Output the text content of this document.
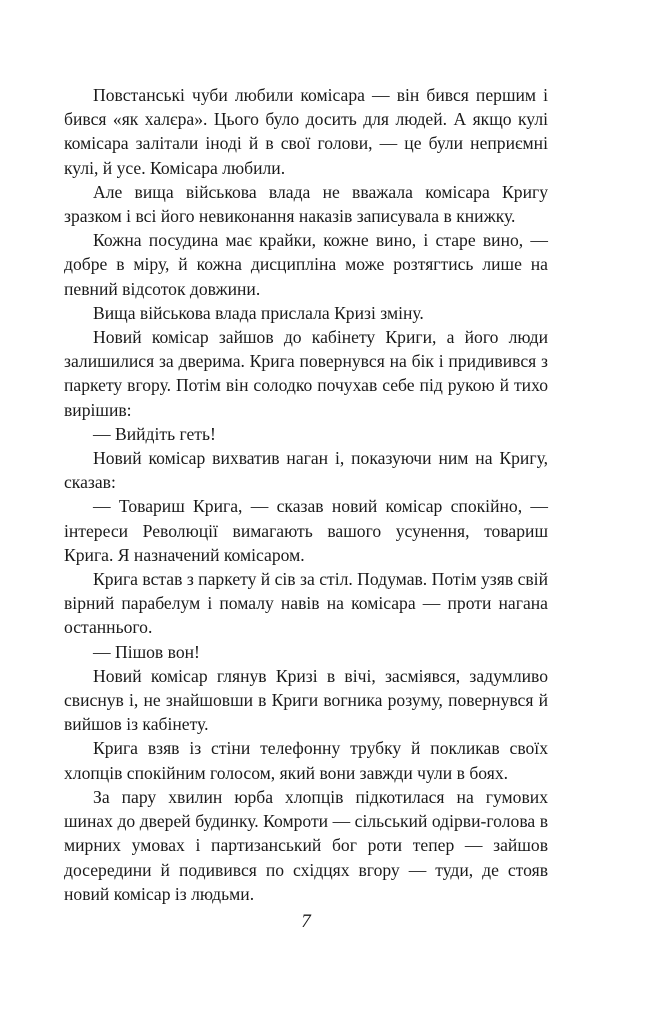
Повстанські чуби любили комісара — він бився першим і бився «як халєра». Цього було досить для людей. А якщо кулі комісара залітали іноді й в свої голови, — це були неприємні кулі, й усе. Комісара любили.

Але вища військова влада не вважала комісара Кригу зразком і всі його невиконання наказів записувала в книжку.

Кожна посудина має крайки, кожне вино, і старе вино, — добре в міру, й кожна дисципліна може розтягтись лише на певний відсоток довжини.

Вища військова влада прислала Кризі зміну.

Новий комісар зайшов до кабінету Криги, а його люди залишилися за дверима. Крига повернувся на бік і придивився з паркету вгору. Потім він солодко почухав себе під рукою й тихо вирішив:

— Вийдіть геть!

Новий комісар вихватив наган і, показуючи ним на Кригу, сказав:

— Товариш Крига, — сказав новий комісар спокійно, — інтереси Революції вимагають вашого усунення, товариш Крига. Я назначений комісаром.

Крига встав з паркету й сів за стіл. Подумав. Потім узяв свій вірний парабелум і помалу навів на комісара — проти нагана останнього.

— Пішов вон!

Новий комісар глянув Кризі в вічі, засміявся, задумливо свиснув і, не знайшовши в Криги вогника розуму, повернувся й вийшов із кабінету.

Крига взяв із стіни телефонну трубку й покликав своїх хлопців спокійним голосом, який вони завжди чули в боях.

За пару хвилин юрба хлопців підкотилася на гумових шинах до дверей будинку. Комроти — сільський одірви-голова в мирних умовах і партизанський бог роти тепер — зайшов досередини й подивився по східцях вгору — туди, де стояв новий комісар із людьми.

7
